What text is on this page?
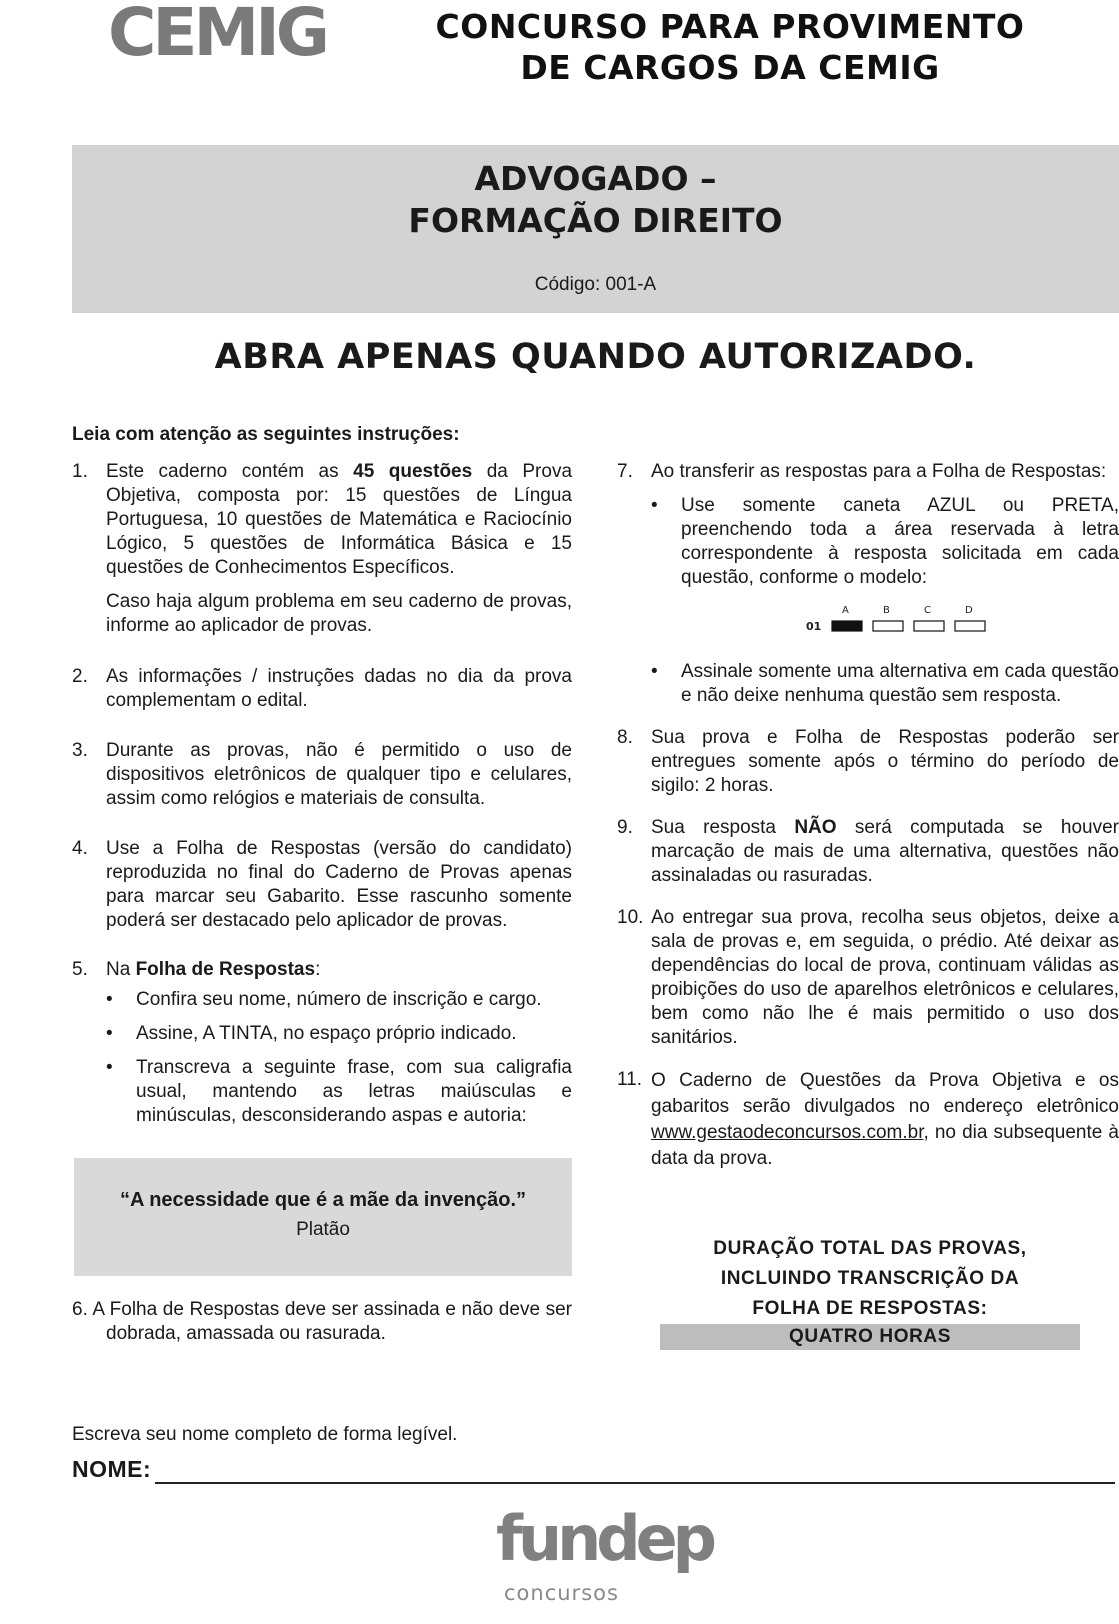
CEMIG	CONCURSO PARA PROVIMENTO
DE CARGOS DA CEMIG
ADVOGADO –
FORMAÇÃO DIREITO
Código: 001-A
ABRA APENAS QUANDO AUTORIZADO.
Leia com atenção as seguintes instruções:
1. Este caderno contém as 45 questões da Prova Objetiva, composta por: 15 questões de Língua Portuguesa, 10 questões de Matemática e Raciocínio Lógico, 5 questões de Informática Básica e 15 questões de Conhecimentos Específicos.
Caso haja algum problema em seu caderno de provas, informe ao aplicador de provas.
2. As informações / instruções dadas no dia da prova complementam o edital.
3. Durante as provas, não é permitido o uso de dispositivos eletrônicos de qualquer tipo e celulares, assim como relógios e materiais de consulta.
4. Use a Folha de Respostas (versão do candidato) reproduzida no final do Caderno de Provas apenas para marcar seu Gabarito. Esse rascunho somente poderá ser destacado pelo aplicador de provas.
5. Na Folha de Respostas:
• Confira seu nome, número de inscrição e cargo.
• Assine, A TINTA, no espaço próprio indicado.
• Transcreva a seguinte frase, com sua caligrafia usual, mantendo as letras maiúsculas e minúsculas, desconsiderando aspas e autoria:
“A necessidade que é a mãe da invenção.”
Platão
6. A Folha de Respostas deve ser assinada e não deve ser dobrada, amassada ou rasurada.
7. Ao transferir as respostas para a Folha de Respostas:
• Use somente caneta AZUL ou PRETA, preenchendo toda a área reservada à letra correspondente à resposta solicitada em cada questão, conforme o modelo:
• Assinale somente uma alternativa em cada questão e não deixe nenhuma questão sem resposta.
8. Sua prova e Folha de Respostas poderão ser entregues somente após o término do período de sigilo: 2 horas.
9. Sua resposta NÃO será computada se houver marcação de mais de uma alternativa, questões não assinaladas ou rasuradas.
10. Ao entregar sua prova, recolha seus objetos, deixe a sala de provas e, em seguida, o prédio. Até deixar as dependências do local de prova, continuam válidas as proibições do uso de aparelhos eletrônicos e celulares, bem como não lhe é mais permitido o uso dos sanitários.
11. O Caderno de Questões da Prova Objetiva e os gabaritos serão divulgados no endereço eletrônico www.gestaodeconcursos.com.br, no dia subsequente à data da prova.
A	B	C	D
01
DURAÇÃO TOTAL DAS PROVAS,
INCLUINDO TRANSCRIÇÃO DA
FOLHA DE RESPOSTAS:
QUATRO HORAS
Escreva seu nome completo de forma legível.
NOME:
fundep
concursos
